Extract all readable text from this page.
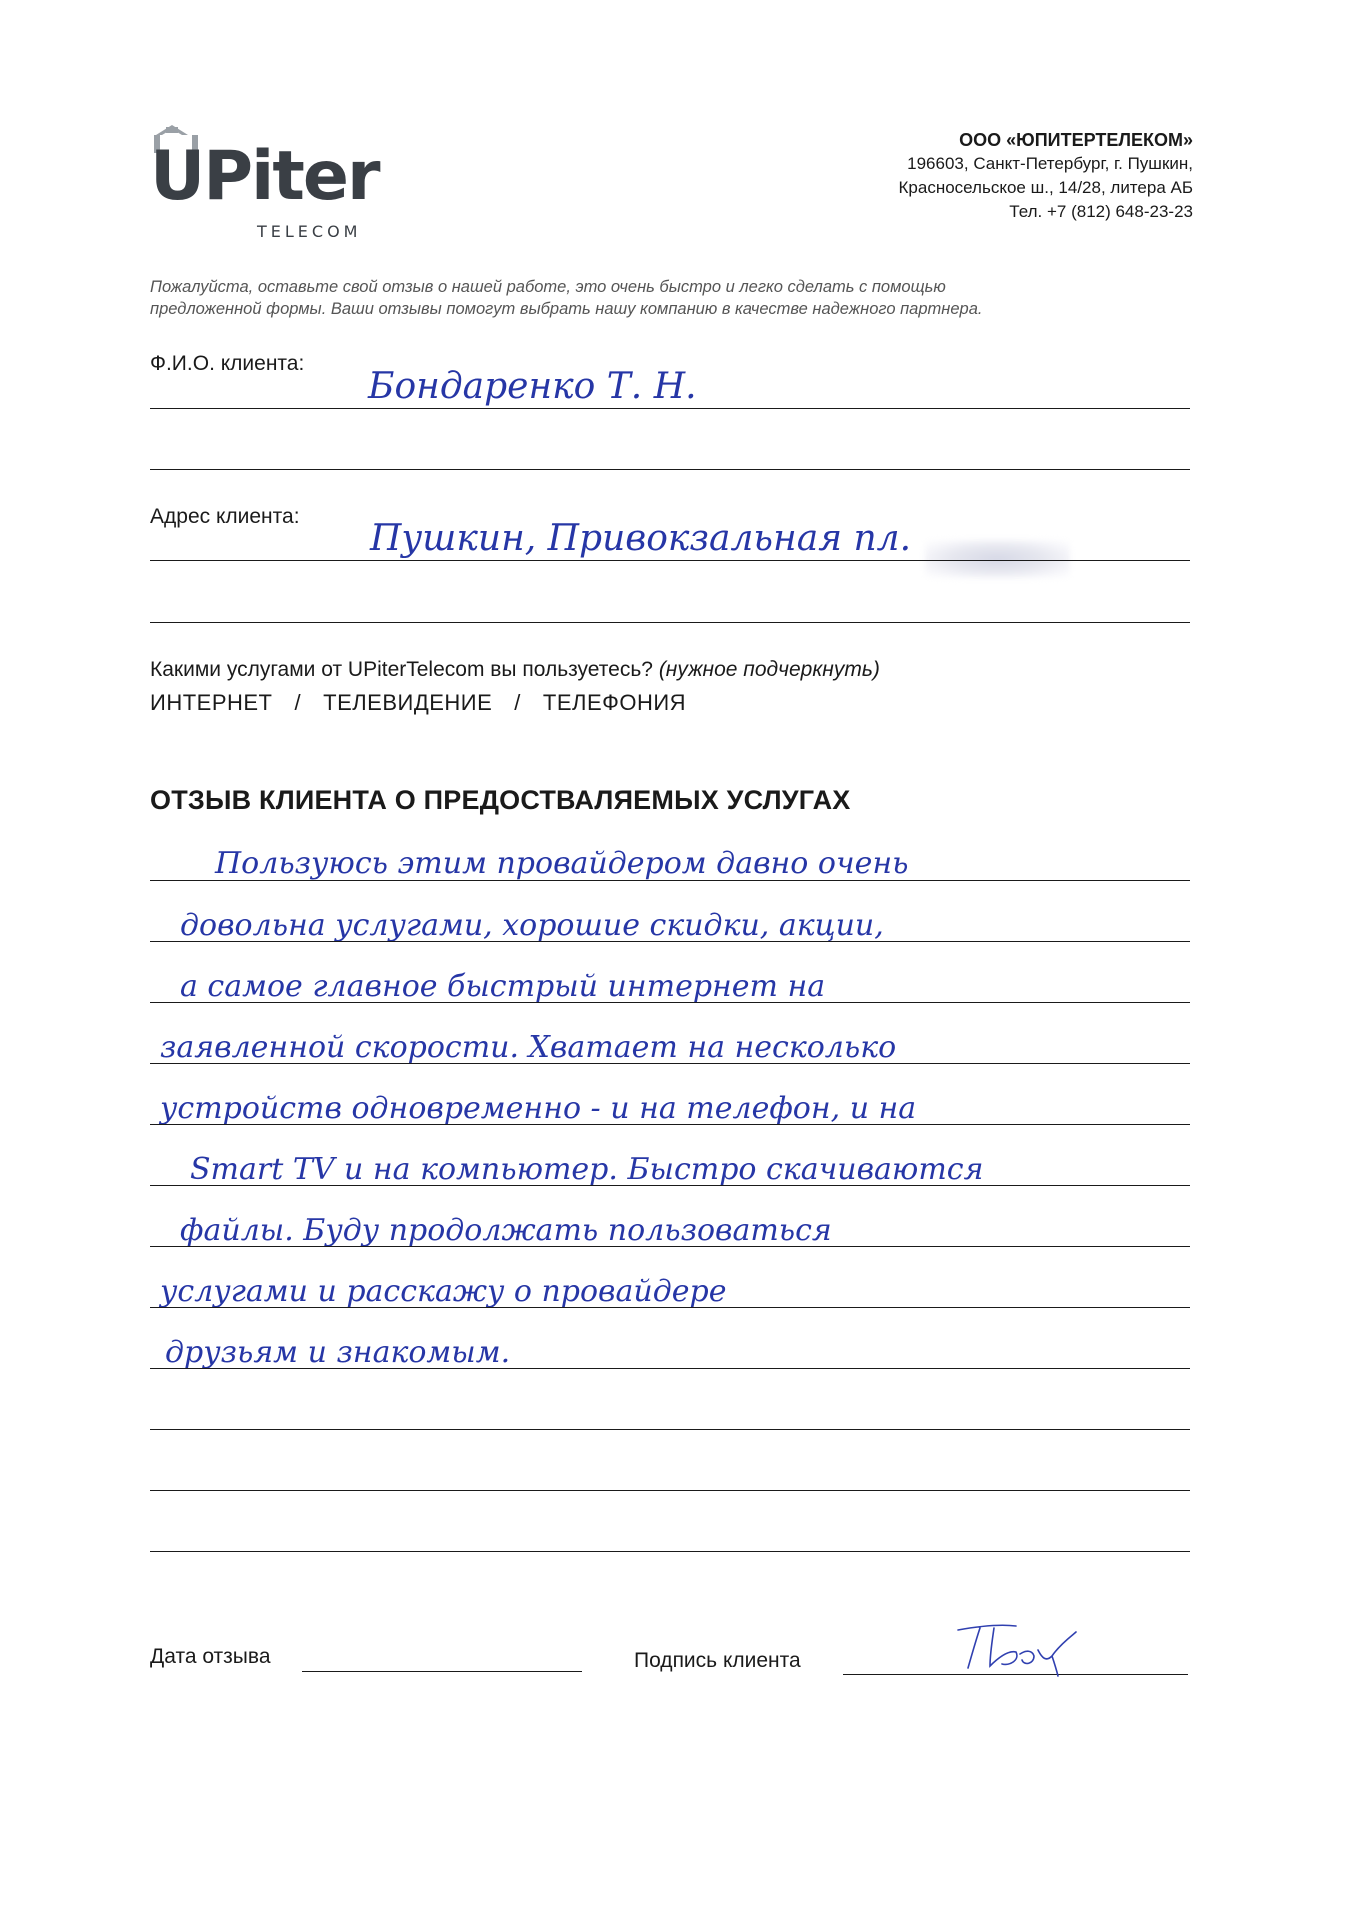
UPiter
TELECOM
ООО «ЮПИТЕРТЕЛЕКОМ»
196603, Санкт-Петербург, г. Пушкин,
Красносельское ш., 14/28, литера АБ
Тел. +7 (812) 648-23-23
Пожалуйста, оставьте свой отзыв о нашей работе, это очень быстро и легко сделать с помощью
предложенной формы. Ваши отзывы помогут выбрать нашу компанию в качестве надежного партнера.
Ф.И.О. клиента:
Бондаренко Т. Н.
Адрес клиента:
Пушкин, Привокзальная пл.
Какими услугами от UPiterTelecom вы пользуетесь? (нужное подчеркнуть)
ИНТЕРНЕТ / ТЕЛЕВИДЕНИЕ / ТЕЛЕФОНИЯ
ОТЗЫВ КЛИЕНТА О ПРЕДОСТВАЛЯЕМЫХ УСЛУГАХ
Пользуюсь этим провайдером давно очень
довольна услугами, хорошие скидки, акции,
а самое главное быстрый интернет на
заявленной скорости. Хватает на несколько
устройств одновременно - и на телефон, и на
Smart TV и на компьютер. Быстро скачиваются
файлы. Буду продолжать пользоваться
услугами и расскажу о провайдере
друзьям и знакомым.
Дата отзыва	Подпись клиента
